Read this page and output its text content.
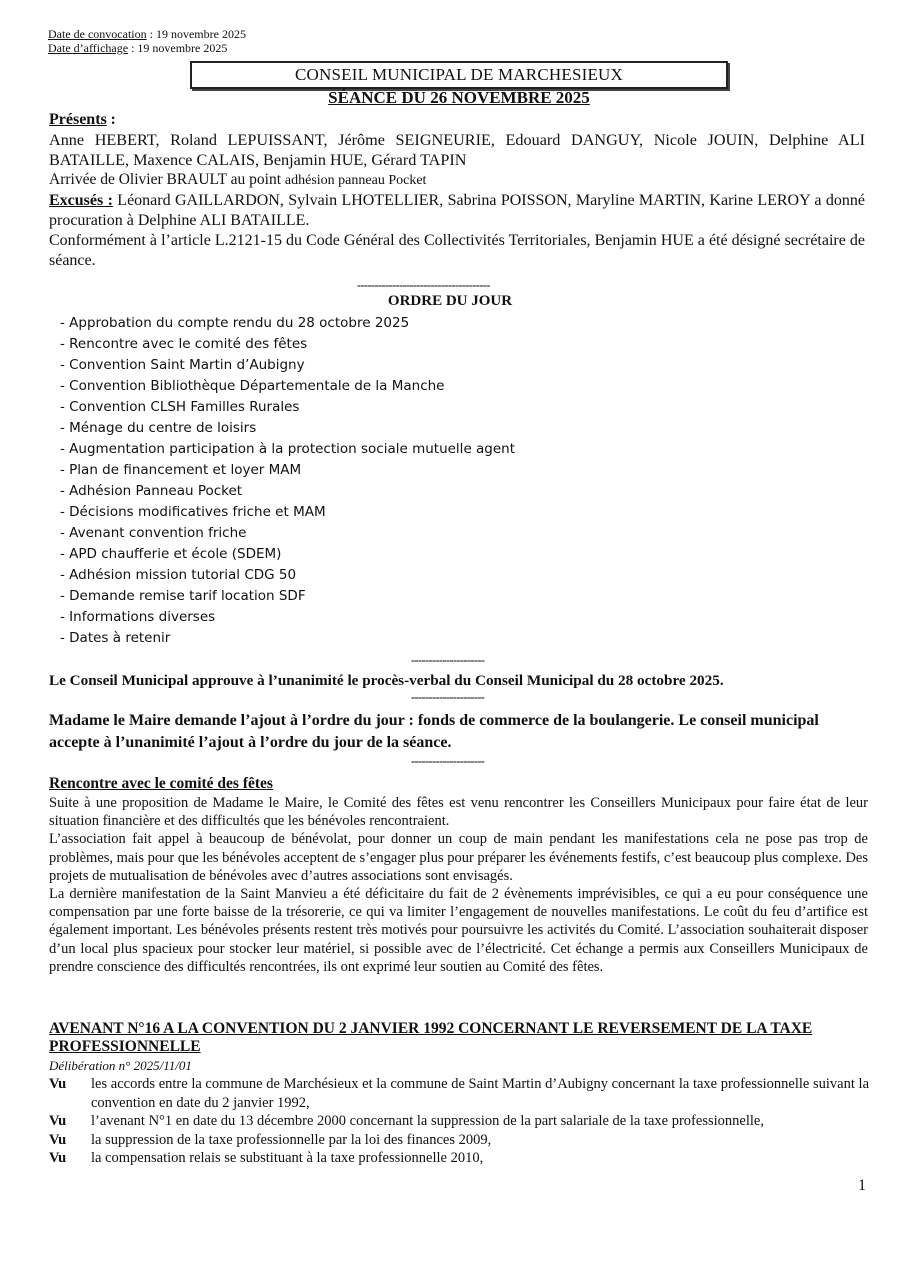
Date de convocation : 19 novembre 2025
Date d’affichage : 19 novembre 2025
CONSEIL MUNICIPAL DE MARCHESIEUX
SÉANCE DU 26 NOVEMBRE 2025
Présents :
Anne HEBERT, Roland LEPUISSANT, Jérôme SEIGNEURIE, Edouard DANGUY, Nicole JOUIN, Delphine ALI BATAILLE, Maxence CALAIS, Benjamin HUE, Gérard TAPIN
Arrivée de Olivier BRAULT au point adhésion panneau Pocket
Excusés : Léonard GAILLARDON, Sylvain LHOTELLIER, Sabrina POISSON, Maryline MARTIN, Karine LEROY a donné procuration à Delphine ALI BATAILLE.
Conformément à l’article L.2121-15 du Code Général des Collectivités Territoriales, Benjamin HUE a été désigné secrétaire de séance.
--------------------------------------
ORDRE DU JOUR
- Approbation du compte rendu du 28 octobre 2025
- Rencontre avec le comité des fêtes
- Convention Saint Martin d’Aubigny
- Convention Bibliothèque Départementale de la Manche
- Convention CLSH Familles Rurales
- Ménage du centre de loisirs
- Augmentation participation à la protection sociale mutuelle agent
- Plan de financement et loyer MAM
- Adhésion Panneau Pocket
- Décisions modificatives friche et MAM
- Avenant convention friche
- APD chaufferie et école (SDEM)
- Adhésion mission tutorial CDG 50
- Demande remise tarif location SDF
- Informations diverses
- Dates à retenir
---------------------
Le Conseil Municipal approuve à l’unanimité le procès-verbal du Conseil Municipal du 28 octobre 2025.
---------------------
Madame le Maire demande l’ajout à l’ordre du jour : fonds de commerce de la boulangerie. Le conseil municipal accepte à l’unanimité l’ajout à l’ordre du jour de la séance.
---------------------
Rencontre avec le comité des fêtes
Suite à une proposition de Madame le Maire, le Comité des fêtes est venu rencontrer les Conseillers Municipaux pour faire état de leur situation financière et des difficultés que les bénévoles rencontraient.
L’association fait appel à beaucoup de bénévolat, pour donner un coup de main pendant les manifestations cela ne pose pas trop de problèmes, mais pour que les bénévoles acceptent de s’engager plus pour préparer les événements festifs, c’est beaucoup plus complexe. Des projets de mutualisation de bénévoles avec d’autres associations sont envisagés.
La dernière manifestation de la Saint Manvieu a été déficitaire du fait de 2 évènements imprévisibles, ce qui a eu pour conséquence une compensation par une forte baisse de la trésorerie, ce qui va limiter l’engagement de nouvelles manifestations. Le coût du feu d’artifice est également important. Les bénévoles présents restent très motivés pour poursuivre les activités du Comité. L’association souhaiterait disposer d’un local plus spacieux pour stocker leur matériel, si possible avec de l’électricité. Cet échange a permis aux Conseillers Municipaux de prendre conscience des difficultés rencontrées, ils ont exprimé leur soutien au Comité des fêtes.
AVENANT N°16 A LA CONVENTION DU 2 JANVIER 1992 CONCERNANT LE REVERSEMENT DE LA TAXE PROFESSIONNELLE
Délibération n° 2025/11/01
Vu	les accords entre la commune de Marchésieux et la commune de Saint Martin d’Aubigny concernant la taxe professionnelle suivant la convention en date du 2 janvier 1992,
Vu	l’avenant N°1 en date du 13 décembre 2000 concernant la suppression de la part salariale de la taxe professionnelle,
Vu	la suppression de la taxe professionnelle par la loi des finances 2009,
Vu	la compensation relais se substituant à la taxe professionnelle 2010,
1
